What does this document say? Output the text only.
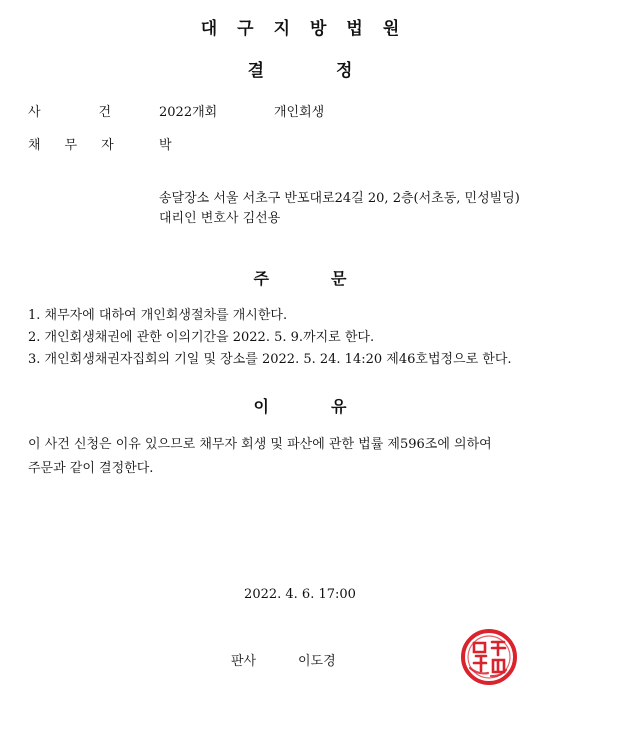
대구지방법원
결정
사건
2022개회	개인회생
채무자 박
송달장소 서울 서초구 반포대로24길 20, 2층(서초동, 민성빌딩)
대리인 변호사 김선용
주문
1. 채무자에 대하여 개인회생절차를 개시한다.
2. 개인회생채권에 관한 이의기간을 2022. 5. 9.까지로 한다.
3. 개인회생채권자집회의 기일 및 장소를 2022. 5. 24. 14:20 제46호법정으로 한다.
이유
이 사건 신청은 이유 있으므로 채무자 회생 및 파산에 관한 법률 제596조에 의하여
주문과 같이 결정한다.
2022. 4. 6. 17:00
판사	이도경
